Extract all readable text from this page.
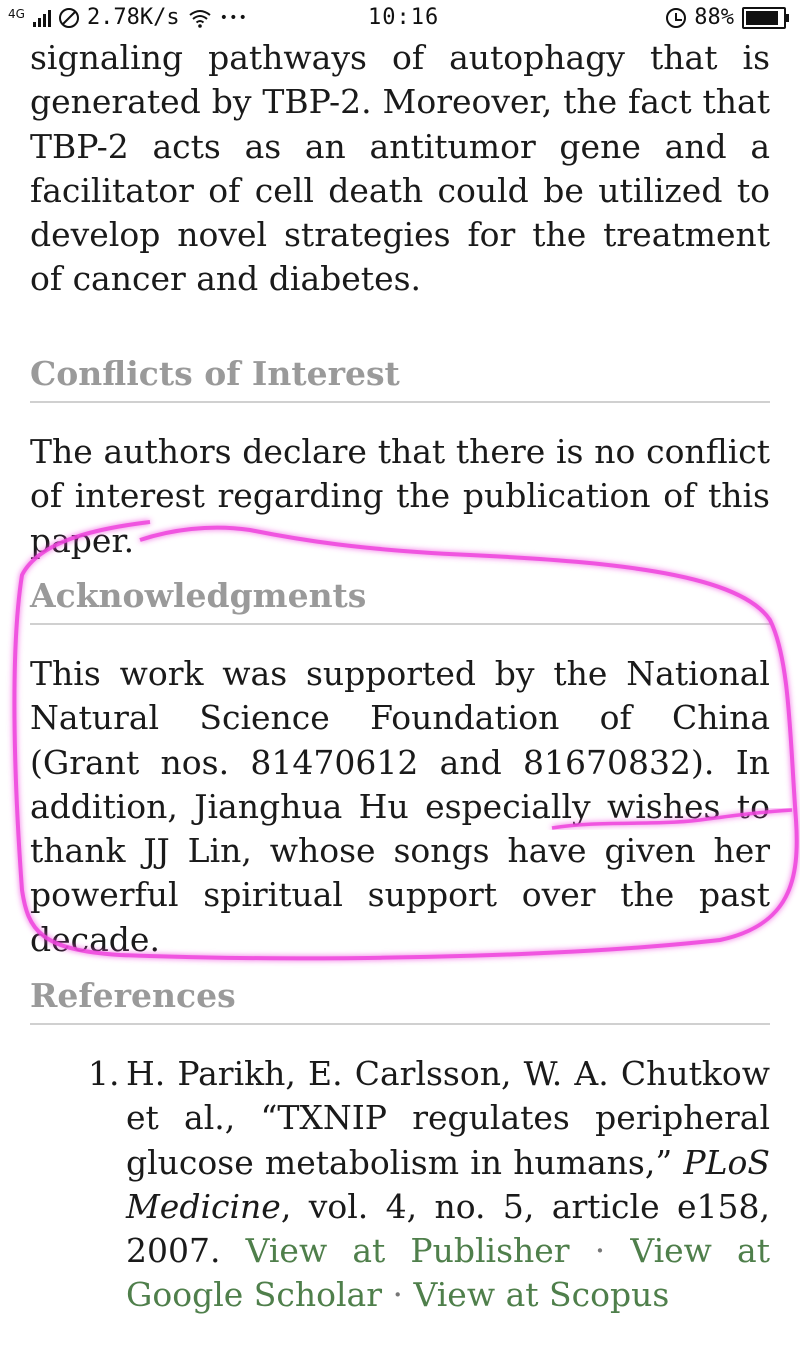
4G	2.78K/s	•••	10:16	88%

signaling pathways of autophagy that is generated by TBP-2. Moreover, the fact that TBP-2 acts as an antitumor gene and a facilitator of cell death could be utilized to develop novel strategies for the treatment of cancer and diabetes.

Conflicts of Interest

The authors declare that there is no conflict of interest regarding the publication of this paper.

Acknowledgments

This work was supported by the National Natural Science Foundation of China (Grant nos. 81470612 and 81670832). In addition, Jianghua Hu especially wishes to thank JJ Lin, whose songs have given her powerful spiritual support over the past decade.

References
1. H. Parikh, E. Carlsson, W. A. Chutkow et al., “TXNIP regulates peripheral glucose metabolism in humans,” PLoS Medicine, vol. 4, no. 5, article e158, 2007. View at Publisher · View at Google Scholar · View at Scopus
